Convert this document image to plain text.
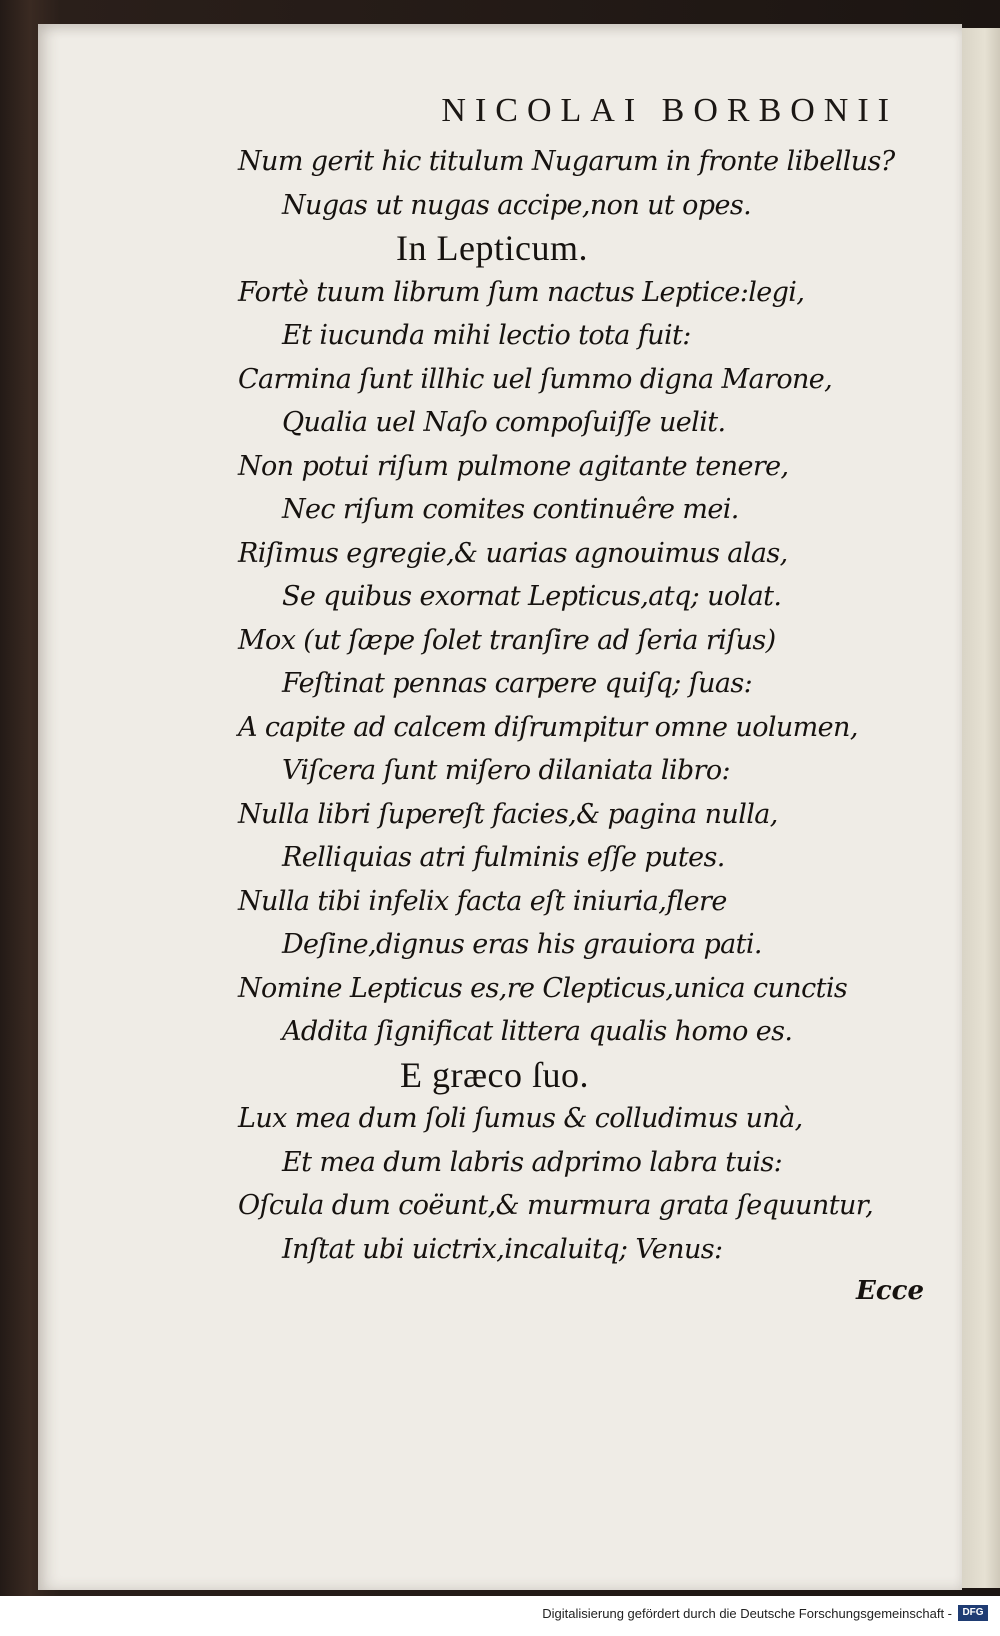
NICOLAI BORBONII
Num gerit hic titulum Nugarum in fronte libellus?
Nugas ut nugas accipe,non ut opes.
In Lepticum.
Fortè tuum librum ſum nactus Leptice:legi,
Et iucunda mihi lectio tota fuit:
Carmina ſunt illhic uel ſummo digna Marone,
Qualia uel Naſo compoſuiſſe uelit.
Non potui riſum pulmone agitante tenere,
Nec riſum comites continuêre mei.
Riſimus egregie,& uarias agnouimus alas,
Se quibus exornat Lepticus,atq; uolat.
Mox (ut ſæpe ſolet tranſire ad ſeria riſus)
Feſtinat pennas carpere quiſq; ſuas:
A capite ad calcem diſrumpitur omne uolumen,
Viſcera ſunt miſero dilaniata libro:
Nulla libri ſupereſt facies,& pagina nulla,
Relliquias atri fulminis eſſe putes.
Nulla tibi infelix facta eſt iniuria,flere
Deſine,dignus eras his grauiora pati.
Nomine Lepticus es,re Clepticus,unica cunctis
Addita ſignificat littera qualis homo es.
E græco ſuo.
Lux mea dum ſoli ſumus & colludimus unà,
Et mea dum labris adprimo labra tuis:
Oſcula dum coëunt,& murmura grata ſequuntur,
Inſtat ubi uictrix,incaluitq; Venus:
Ecce
Digitalisierung gefördert durch die Deutsche Forschungsgemeinschaft -	DFG
